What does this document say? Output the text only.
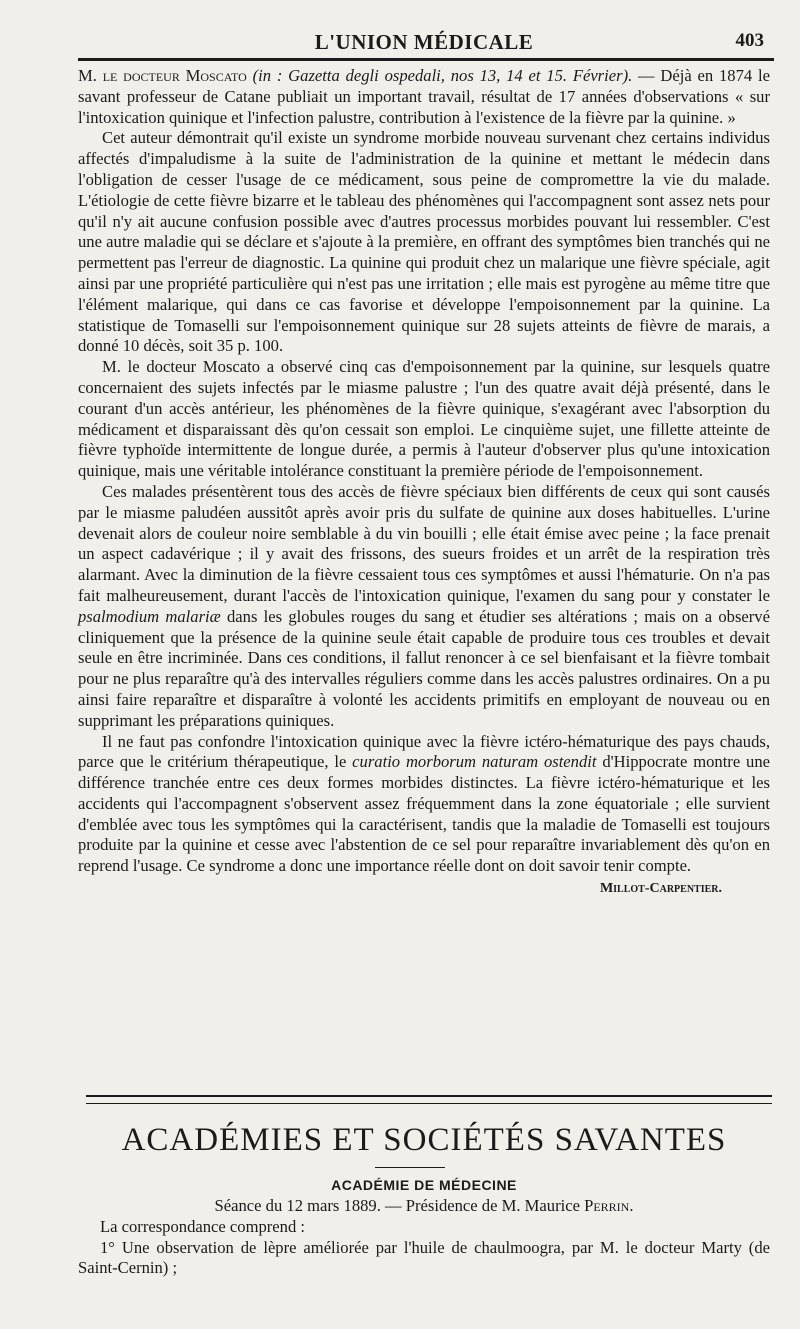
L'UNION MÉDICALE	403

M. le docteur Moscato (in : Gazetta degli ospedali, nos 13, 14 et 15. Février). — Déjà en 1874 le savant professeur de Catane publiait un important travail, résultat de 17 années d'observations « sur l'intoxication quinique et l'infection palustre, contribution à l'existence de la fièvre par la quinine. »

Cet auteur démontrait qu'il existe un syndrome morbide nouveau survenant chez certains individus affectés d'impaludisme à la suite de l'administration de la quinine et mettant le médecin dans l'obligation de cesser l'usage de ce médicament, sous peine de compromettre la vie du malade. L'étiologie de cette fièvre bizarre et le tableau des phénomènes qui l'accompagnent sont assez nets pour qu'il n'y ait aucune confusion possible avec d'autres processus morbides pouvant lui ressembler. C'est une autre maladie qui se déclare et s'ajoute à la première, en offrant des symptômes bien tranchés qui ne permettent pas l'erreur de diagnostic. La quinine qui produit chez un malarique une fièvre spéciale, agit ainsi par une propriété particulière qui n'est pas une irritation ; elle mais est pyrogène au même titre que l'élément malarique, qui dans ce cas favorise et développe l'empoisonnement par la quinine. La statistique de Tomaselli sur l'empoisonnement quinique sur 28 sujets atteints de fièvre de marais, a donné 10 décès, soit 35 p. 100.

M. le docteur Moscato a observé cinq cas d'empoisonnement par la quinine, sur lesquels quatre concernaient des sujets infectés par le miasme palustre ; l'un des quatre avait déjà présenté, dans le courant d'un accès antérieur, les phénomènes de la fièvre quinique, s'exagérant avec l'absorption du médicament et disparaissant dès qu'on cessait son emploi. Le cinquième sujet, une fillette atteinte de fièvre typhoïde intermittente de longue durée, a permis à l'auteur d'observer plus qu'une intoxication quinique, mais une véritable intolérance constituant la première période de l'empoisonnement.

Ces malades présentèrent tous des accès de fièvre spéciaux bien différents de ceux qui sont causés par le miasme paludéen aussitôt après avoir pris du sulfate de quinine aux doses habituelles. L'urine devenait alors de couleur noire semblable à du vin bouilli ; elle était émise avec peine ; la face prenait un aspect cadavérique ; il y avait des frissons, des sueurs froides et un arrêt de la respiration très alarmant. Avec la diminution de la fièvre cessaient tous ces symptômes et aussi l'hématurie. On n'a pas fait malheureusement, durant l'accès de l'intoxication quinique, l'examen du sang pour y constater le psalmodium malariæ dans les globules rouges du sang et étudier ses altérations ; mais on a observé cliniquement que la présence de la quinine seule était capable de produire tous ces troubles et devait seule en être incriminée. Dans ces conditions, il fallut renoncer à ce sel bienfaisant et la fièvre tombait pour ne plus reparaître qu'à des intervalles réguliers comme dans les accès palustres ordinaires. On a pu ainsi faire reparaître et disparaître à volonté les accidents primitifs en employant de nouveau ou en supprimant les préparations quiniques.

Il ne faut pas confondre l'intoxication quinique avec la fièvre ictéro-hématurique des pays chauds, parce que le critérium thérapeutique, le curatio morborum naturam ostendit d'Hippocrate montre une différence tranchée entre ces deux formes morbides distinctes. La fièvre ictéro-hématurique et les accidents qui l'accompagnent s'observent assez fréquemment dans la zone équatoriale ; elle survient d'emblée avec tous les symptômes qui la caractérisent, tandis que la maladie de Tomaselli est toujours produite par la quinine et cesse avec l'abstention de ce sel pour reparaître invariablement dès qu'on en reprend l'usage. Ce syndrome a donc une importance réelle dont on doit savoir tenir compte.

Millot-Carpentier.
ACADÉMIES ET SOCIÉTÉS SAVANTES
ACADÉMIE DE MÉDECINE

Séance du 12 mars 1889. — Présidence de M. Maurice Perrin.

La correspondance comprend :

1° Une observation de lèpre améliorée par l'huile de chaulmoogra, par M. le docteur Marty (de Saint-Cernin) ;
